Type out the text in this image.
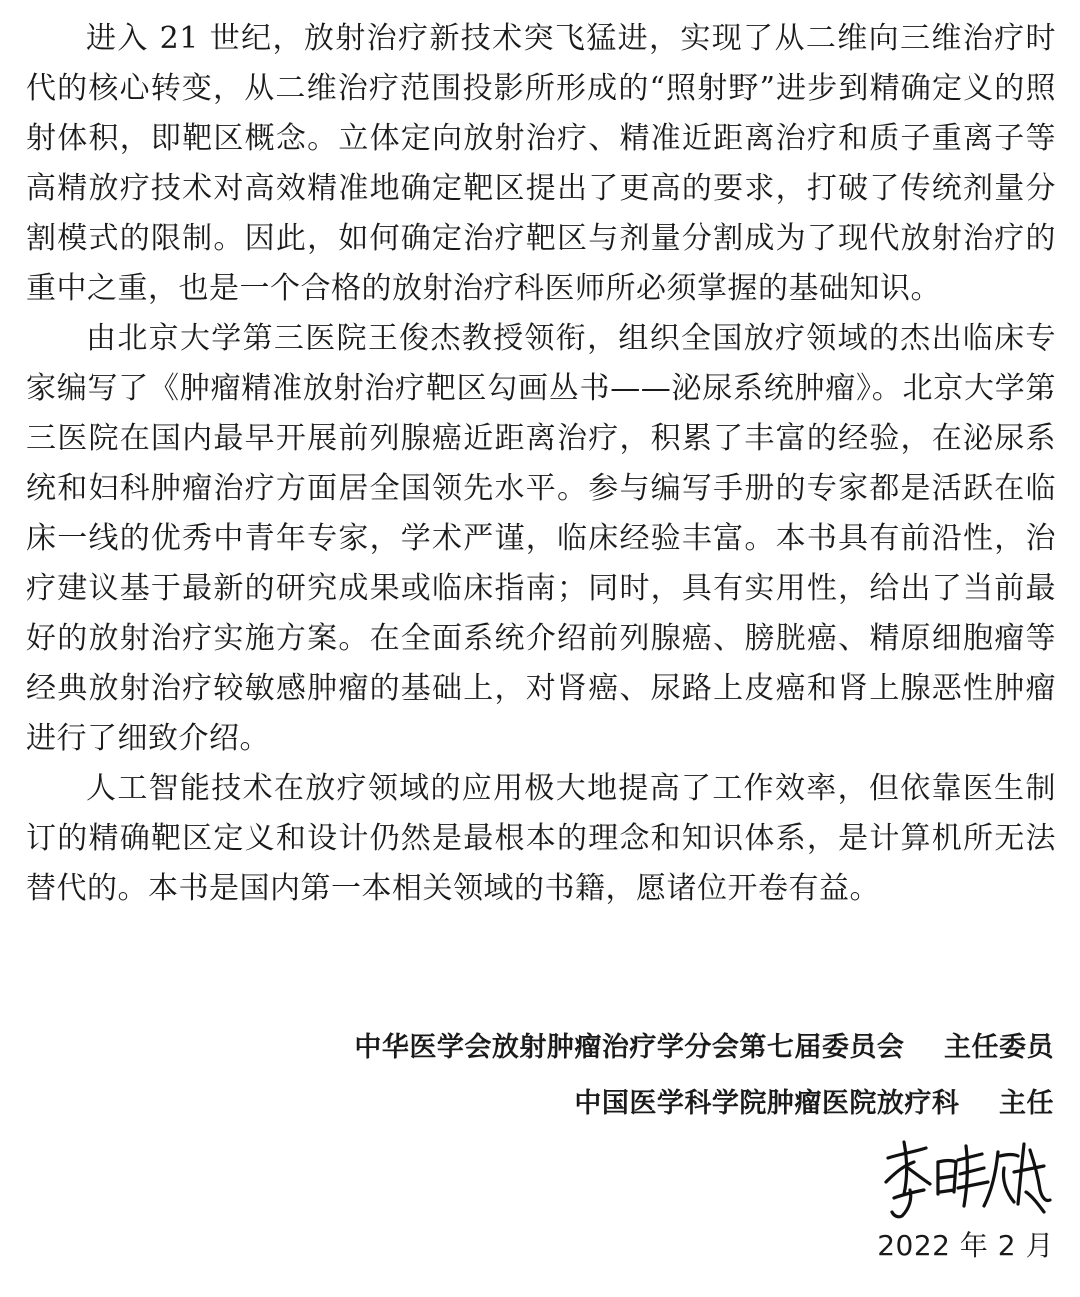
进入 21 世纪，放射治疗新技术突飞猛进，实现了从二维向三维治疗时代的核心转变，从二维治疗范围投影所形成的“照射野”进步到精确定义的照射体积，即靶区概念。立体定向放射治疗、精准近距离治疗和质子重离子等高精放疗技术对高效精准地确定靶区提出了更高的要求，打破了传统剂量分割模式的限制。因此，如何确定治疗靶区与剂量分割成为了现代放射治疗的重中之重，也是一个合格的放射治疗科医师所必须掌握的基础知识。

由北京大学第三医院王俊杰教授领衔，组织全国放疗领域的杰出临床专家编写了《肿瘤精准放射治疗靶区勾画丛书——泌尿系统肿瘤》。北京大学第三医院在国内最早开展前列腺癌近距离治疗，积累了丰富的经验，在泌尿系统和妇科肿瘤治疗方面居全国领先水平。参与编写手册的专家都是活跃在临床一线的优秀中青年专家，学术严谨，临床经验丰富。本书具有前沿性，治疗建议基于最新的研究成果或临床指南；同时，具有实用性，给出了当前最好的放射治疗实施方案。在全面系统介绍前列腺癌、膀胱癌、精原细胞瘤等经典放射治疗较敏感肿瘤的基础上，对肾癌、尿路上皮癌和肾上腺恶性肿瘤进行了细致介绍。

人工智能技术在放疗领域的应用极大地提高了工作效率，但依靠医生制订的精确靶区定义和设计仍然是最根本的理念和知识体系，是计算机所无法替代的。本书是国内第一本相关领域的书籍，愿诸位开卷有益。

中华医学会放射肿瘤治疗学分会第七届委员会    主任委员
中国医学科学院肿瘤医院放疗科    主任
2022 年 2 月
